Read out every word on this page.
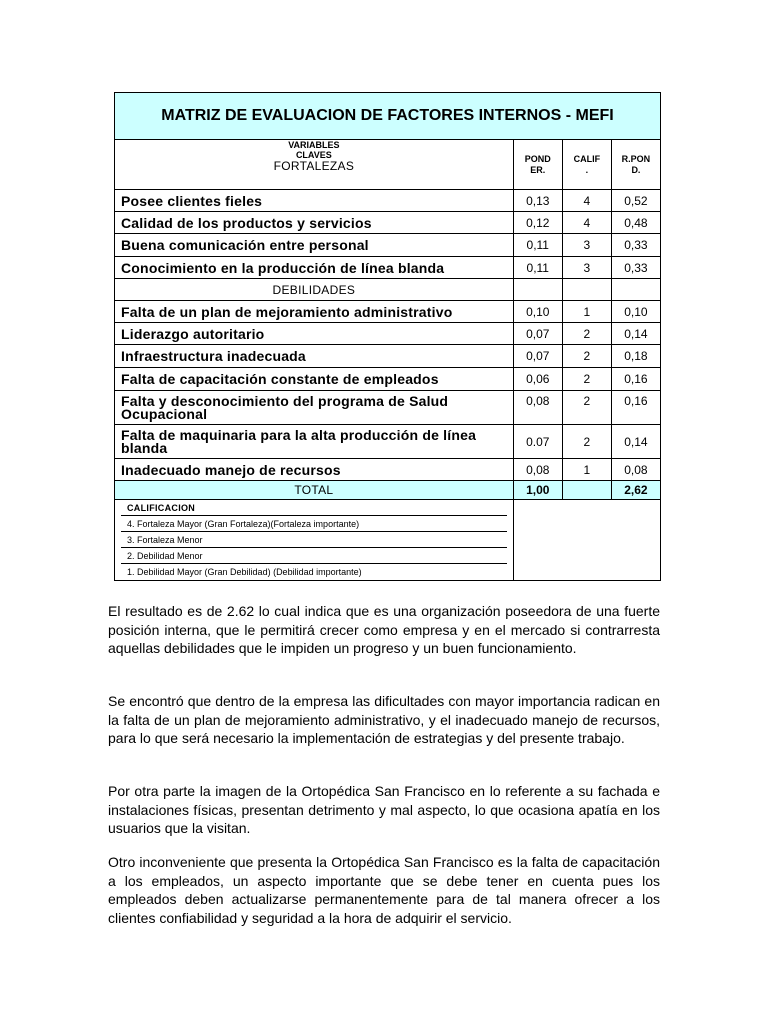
MATRIZ DE EVALUACION DE FACTORES INTERNOS - MEFI			

VARIABLES CLAVES
FORTALEZAS	POND ER.	CALIF .	R.PON D.

Posee clientes fieles	0,13	4	0,52
Calidad de los productos y servicios	0,12	4	0,48
Buena comunicación entre personal	0,11	3	0,33
Conocimiento en la producción de línea blanda	0,11	3	0,33
DEBILIDADES			
Falta de un plan de mejoramiento administrativo	0,10	1	0,10
Liderazgo autoritario	0,07	2	0,14
Infraestructura inadecuada	0,07	2	0,18
Falta de capacitación constante de empleados	0,06	2	0,16
Falta y desconocimiento del programa de Salud Ocupacional	0,08	2	0,16
Falta de maquinaria para la alta producción de línea blanda	0.07	2	0,14
Inadecuado manejo de recursos	0,08	1	0,08
TOTAL	1,00		2,62

CALIFICACION
4. Fortaleza Mayor (Gran Fortaleza)(Fortaleza importante)
3. Fortaleza Menor
2. Debilidad Menor
1. Debilidad Mayor (Gran Debilidad) (Debilidad importante)			

El resultado es de 2.62 lo cual indica que es una organización poseedora de una fuerte posición interna, que le permitirá crecer como empresa y en el mercado si contrarresta aquellas debilidades que le impiden un progreso y un buen funcionamiento.

Se encontró que dentro de la empresa las dificultades con mayor importancia radican en la falta de un plan de mejoramiento administrativo, y el inadecuado manejo de recursos, para lo que será necesario la implementación de estrategias y del presente trabajo.

Por otra parte la imagen de la Ortopédica San Francisco en lo referente a su fachada e instalaciones físicas, presentan detrimento y mal aspecto, lo que ocasiona apatía en los usuarios que la visitan.

Otro inconveniente que presenta la Ortopédica San Francisco es la falta de capacitación a los empleados, un aspecto importante que se debe tener en cuenta pues los empleados deben actualizarse permanentemente para de tal manera ofrecer a los clientes confiabilidad y seguridad a la hora de adquirir el servicio.
